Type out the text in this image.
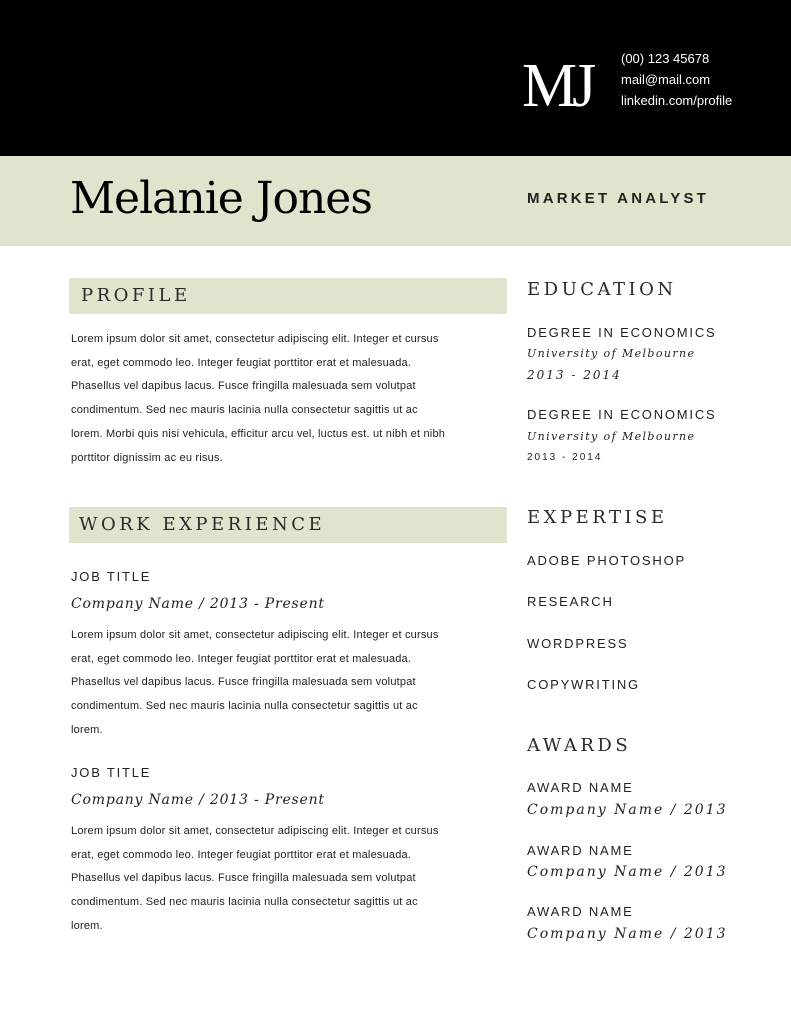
MJ (00) 123 45678
mail@mail.com
linkedin.com/profile
Melanie Jones	MARKET ANALYST
PROFILE
Lorem ipsum dolor sit amet, consectetur adipiscing elit. Integer et cursus
erat, eget commodo leo. Integer feugiat porttitor erat et malesuada.
Phasellus vel dapibus lacus. Fusce fringilla malesuada sem volutpat
condimentum. Sed nec mauris lacinia nulla consectetur sagittis ut ac
lorem. Morbi quis nisi vehicula, efficitur arcu vel, luctus est. ut nibh et nibh
porttitor dignissim ac eu risus.
WORK EXPERIENCE
JOB TITLE
Company Name / 2013 - Present
Lorem ipsum dolor sit amet, consectetur adipiscing elit. Integer et cursus
erat, eget commodo leo. Integer feugiat porttitor erat et malesuada.
Phasellus vel dapibus lacus. Fusce fringilla malesuada sem volutpat
condimentum. Sed nec mauris lacinia nulla consectetur sagittis ut ac
lorem.
JOB TITLE
Company Name / 2013 - Present
Lorem ipsum dolor sit amet, consectetur adipiscing elit. Integer et cursus
erat, eget commodo leo. Integer feugiat porttitor erat et malesuada.
Phasellus vel dapibus lacus. Fusce fringilla malesuada sem volutpat
condimentum. Sed nec mauris lacinia nulla consectetur sagittis ut ac
lorem.
EDUCATION
DEGREE IN ECONOMICS
University of Melbourne
2013 - 2014
DEGREE IN ECONOMICS
University of Melbourne
2013 - 2014
EXPERTISE
ADOBE PHOTOSHOP
RESEARCH
WORDPRESS
COPYWRITING
AWARDS
AWARD NAME
Company Name / 2013
AWARD NAME
Company Name / 2013
AWARD NAME
Company Name / 2013
